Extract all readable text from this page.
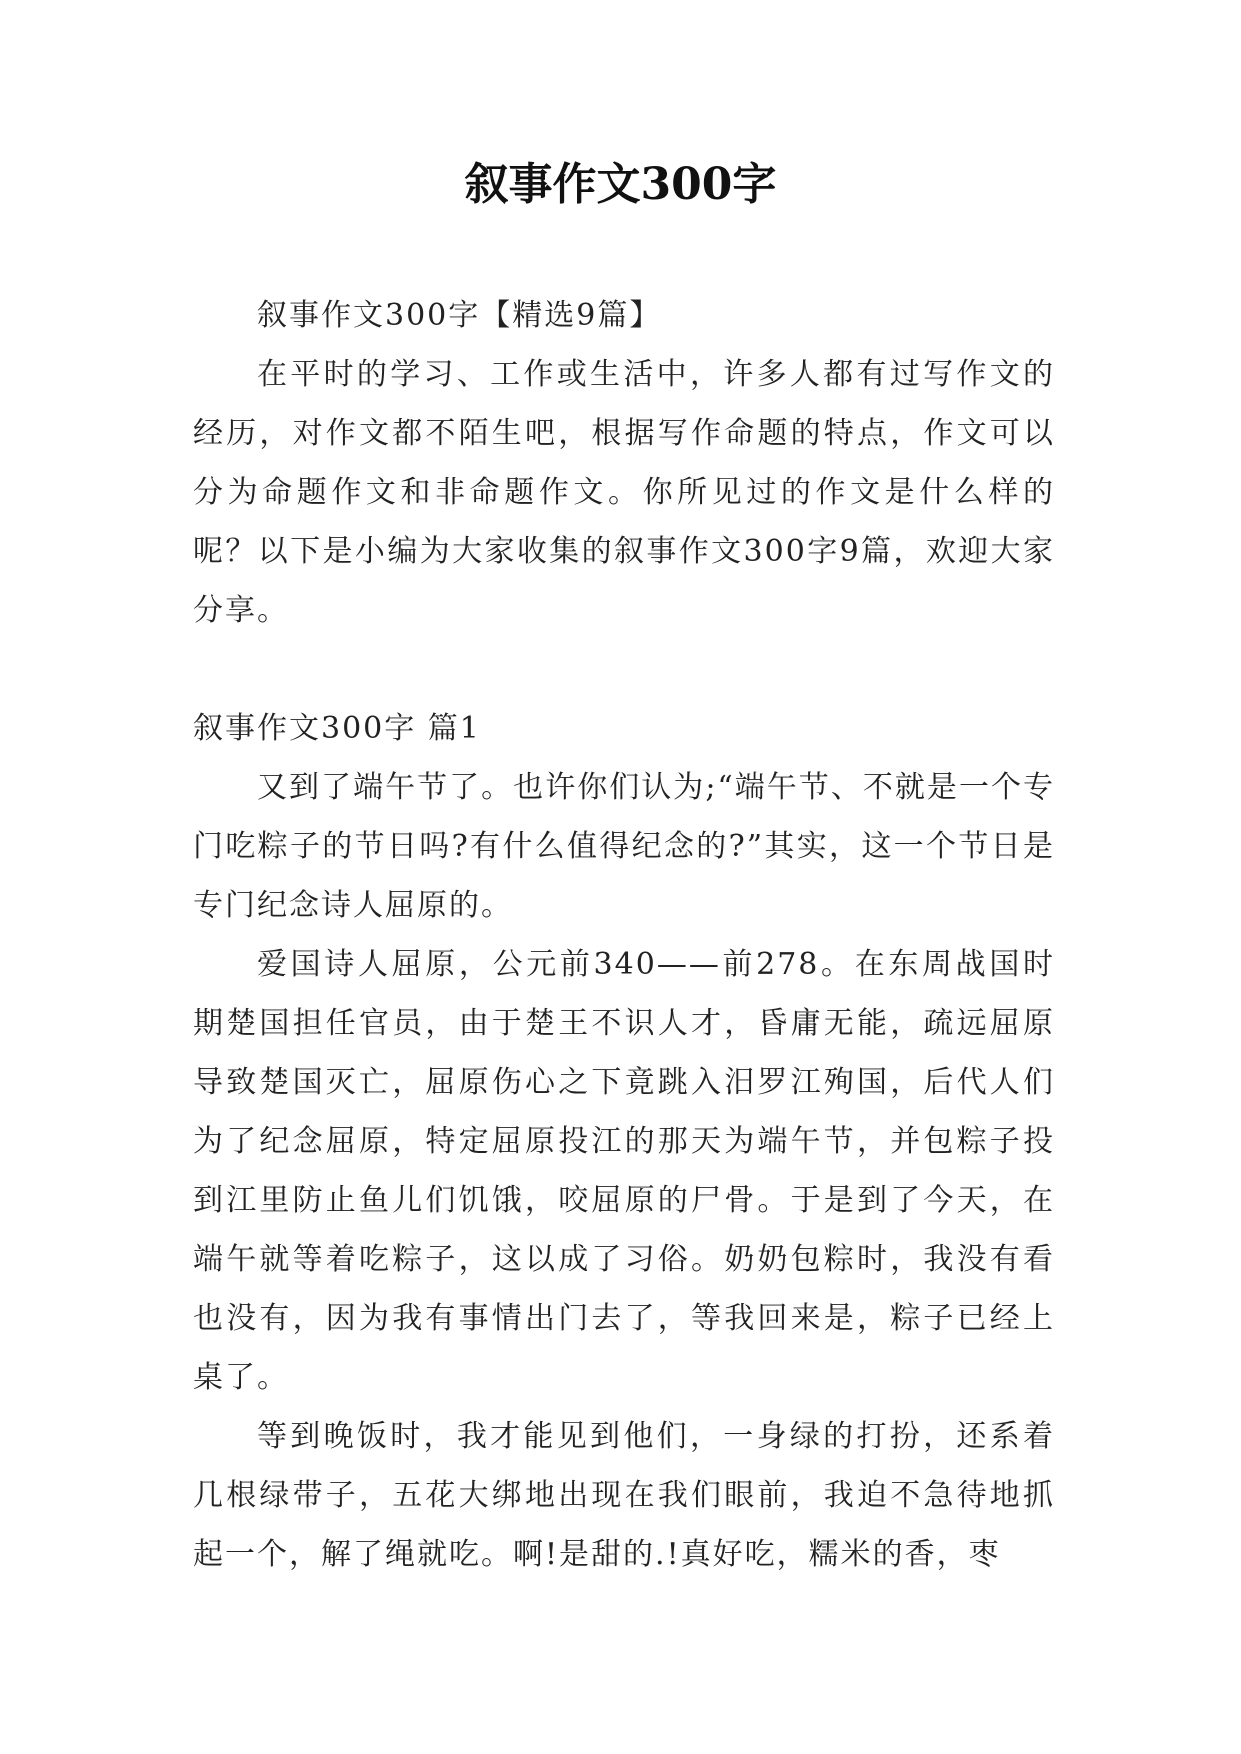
叙事作文300字

叙事作文300字【精选9篇】

在平时的学习、工作或生活中，许多人都有过写作文的经历，对作文都不陌生吧，根据写作命题的特点，作文可以分为命题作文和非命题作文。你所见过的作文是什么样的呢？以下是小编为大家收集的叙事作文300字9篇，欢迎大家分享。

叙事作文300字 篇1

又到了端午节了。也许你们认为;“端午节、不就是一个专门吃粽子的节日吗?有什么值得纪念的?”其实，这一个节日是专门纪念诗人屈原的。

爱国诗人屈原，公元前340——前278。在东周战国时期楚国担任官员，由于楚王不识人才，昏庸无能，疏远屈原导致楚国灭亡，屈原伤心之下竟跳入汨罗江殉国，后代人们为了纪念屈原，特定屈原投江的那天为端午节，并包粽子投到江里防止鱼儿们饥饿，咬屈原的尸骨。于是到了今天，在端午就等着吃粽子，这以成了习俗。奶奶包粽时，我没有看也没有，因为我有事情出门去了，等我回来是，粽子已经上桌了。

等到晚饭时，我才能见到他们，一身绿的打扮，还系着几根绿带子，五花大绑地出现在我们眼前，我迫不急待地抓起一个，解了绳就吃。啊!是甜的.!真好吃，糯米的香，枣
